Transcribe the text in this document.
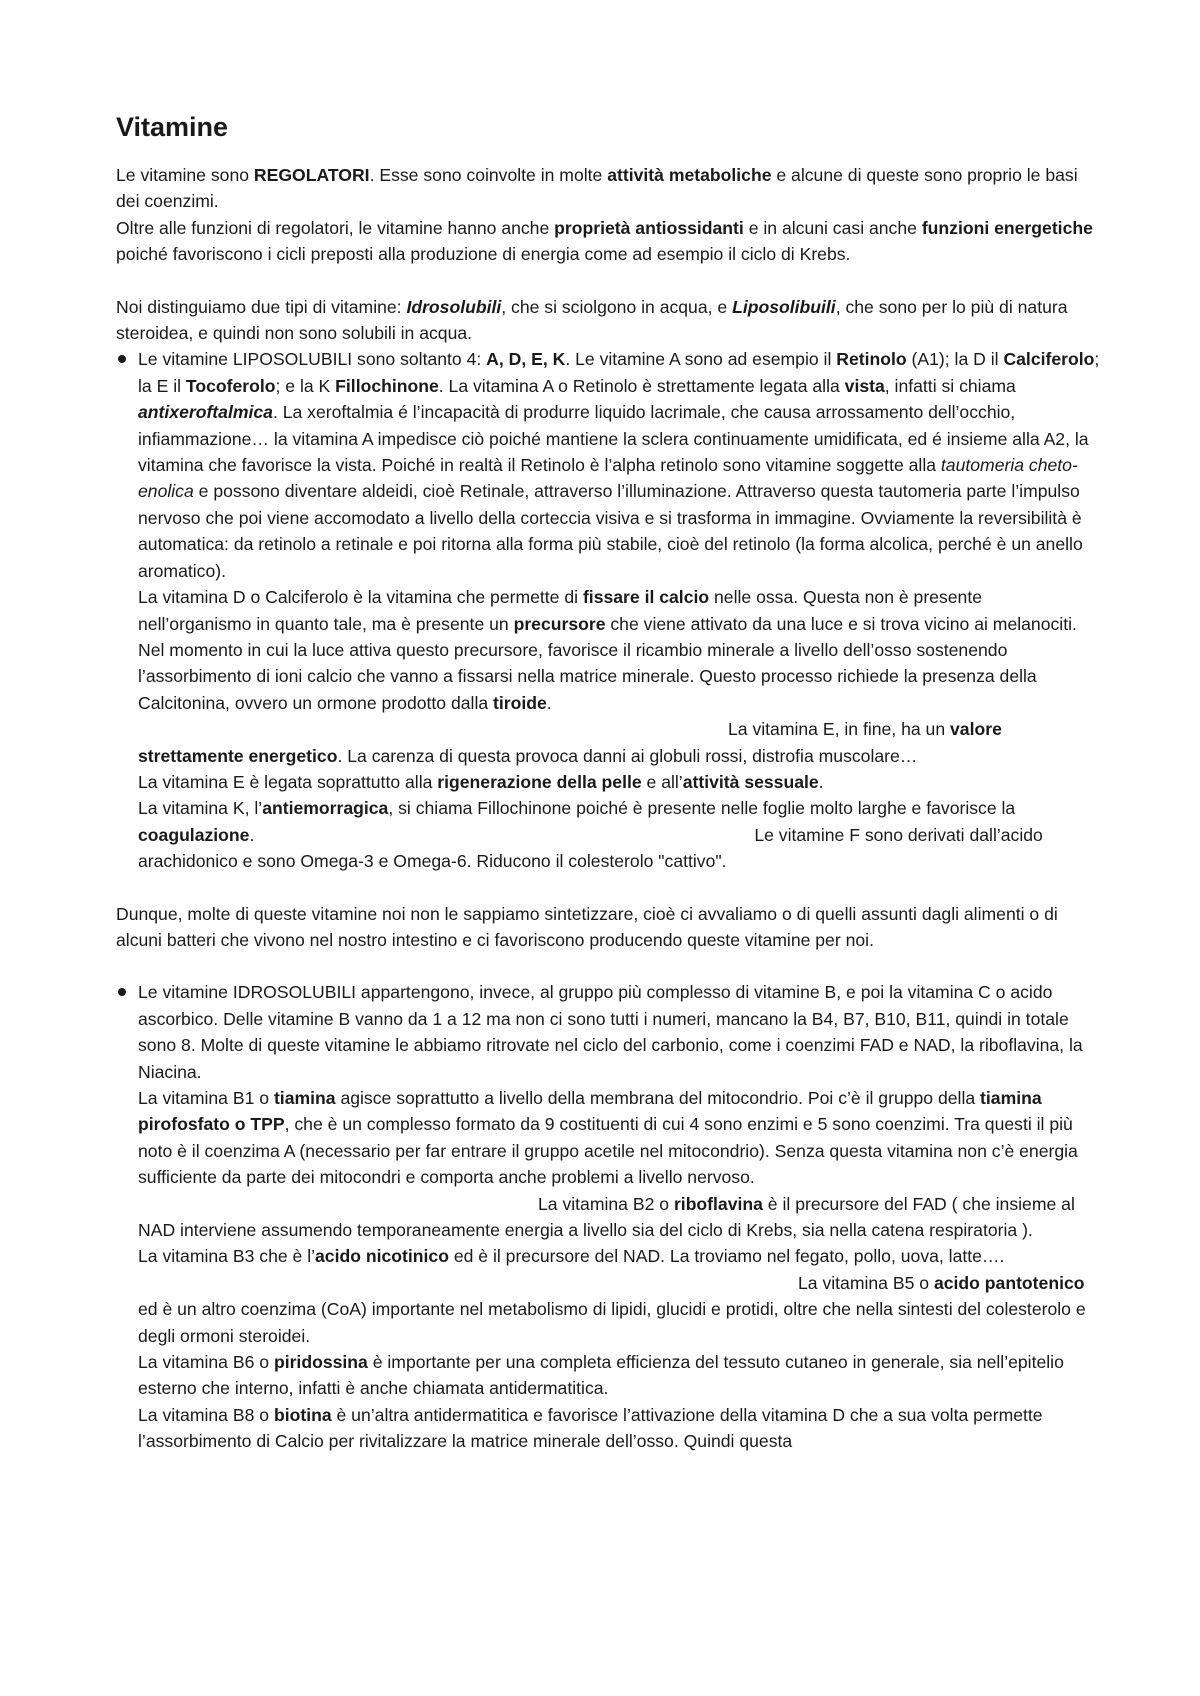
Vitamine

Le vitamine sono REGOLATORI. Esse sono coinvolte in molte attività metaboliche e alcune di queste sono proprio le basi dei coenzimi.

Oltre alle funzioni di regolatori, le vitamine hanno anche proprietà antiossidanti e in alcuni casi anche funzioni energetiche poiché favoriscono i cicli preposti alla produzione di energia come ad esempio il ciclo di Krebs.

Noi distinguiamo due tipi di vitamine: Idrosolubili, che si sciolgono in acqua, e Liposolibuili, che sono per lo più di natura steroidea, e quindi non sono solubili in acqua.

Le vitamine LIPOSOLUBILI sono soltanto 4: A, D, E, K. Le vitamine A sono ad esempio il Retinolo (A1); la D il Calciferolo; la E il Tocoferolo; e la K Fillochinone. La vitamina A o Retinolo è strettamente legata alla vista, infatti si chiama antixeroftalmica. La xeroftalmia é l’incapacità di produrre liquido lacrimale, che causa arrossamento dell’occhio, infiammazione… la vitamina A impedisce ciò poiché mantiene la sclera continuamente umidificata, ed é insieme alla A2, la vitamina che favorisce la vista. Poiché in realtà il Retinolo è l’alpha retinolo sono vitamine soggette alla tautomeria cheto-enolica e possono diventare aldeidi, cioè Retinale, attraverso l’illuminazione. Attraverso questa tautomeria parte l’impulso nervoso che poi viene accomodato a livello della corteccia visiva e si trasforma in immagine. Ovviamente la reversibilità è automatica: da retinolo a retinale e poi ritorna alla forma più stabile, cioè del retinolo (la forma alcolica, perché è un anello aromatico).

La vitamina D o Calciferolo è la vitamina che permette di fissare il calcio nelle ossa. Questa non è presente nell’organismo in quanto tale, ma è presente un precursore che viene attivato da una luce e si trova vicino ai melanociti. Nel momento in cui la luce attiva questo precursore, favorisce il ricambio minerale a livello dell’osso sostenendo l’assorbimento di ioni calcio che vanno a fissarsi nella matrice minerale. Questo processo richiede la presenza della Calcitonina, ovvero un ormone prodotto dalla tiroide.La vitamina E, in fine, ha un valore strettamente energetico. La carenza di questa provoca danni ai globuli rossi, distrofia muscolare…

La vitamina E è legata soprattutto alla rigenerazione della pelle e all’attività sessuale.

La vitamina K, l’antiemorragica, si chiama Fillochinone poiché è presente nelle foglie molto larghe e favorisce la coagulazione.	Le vitamine F sono derivati dall’acido arachidonico e sono Omega-3 e Omega-6. Riducono il colesterolo "cattivo".

Dunque, molte di queste vitamine noi non le sappiamo sintetizzare, cioè ci avvaliamo o di quelli assunti dagli alimenti o di alcuni batteri che vivono nel nostro intestino e ci favoriscono producendo queste vitamine per noi.

Le vitamine IDROSOLUBILI appartengono, invece, al gruppo più complesso di vitamine B, e poi la vitamina C o acido ascorbico. Delle vitamine B vanno da 1 a 12 ma non ci sono tutti i numeri, mancano la B4, B7, B10, B11, quindi in totale sono 8. Molte di queste vitamine le abbiamo ritrovate nel ciclo del carbonio, come i coenzimi FAD e NAD, la riboflavina, la Niacina.

La vitamina B1 o tiamina agisce soprattutto a livello della membrana del mitocondrio. Poi c’è il gruppo della tiamina pirofosfato o TPP, che è un complesso formato da 9 costituenti di cui 4 sono enzimi e 5 sono coenzimi. Tra questi il più noto è il coenzima A (necessario per far entrare il gruppo acetile nel mitocondrio). Senza questa vitamina non c’è energia sufficiente da parte dei mitocondri e comporta anche problemi a livello nervoso.La vitamina B2 o riboflavina è il precursore del FAD ( che insieme al NAD interviene assumendo temporaneamente energia a livello sia del ciclo di Krebs, sia nella catena respiratoria ).

La vitamina B3 che è l’acido nicotinico ed è il precursore del NAD. La troviamo nel fegato, pollo, uova, latte….La vitamina B5 o acido pantotenico ed è un altro coenzima (CoA) importante nel metabolismo di lipidi, glucidi e protidi, oltre che nella sintesti del colesterolo e degli ormoni steroidei.

La vitamina B6 o piridossina è importante per una completa efficienza del tessuto cutaneo in generale, sia nell’epitelio esterno che interno, infatti è anche chiamata antidermatitica.

La vitamina B8 o biotina è un’altra antidermatitica e favorisce l’attivazione della vitamina D che a sua volta permette l’assorbimento di Calcio per rivitalizzare la matrice minerale dell’osso. Quindi questa
